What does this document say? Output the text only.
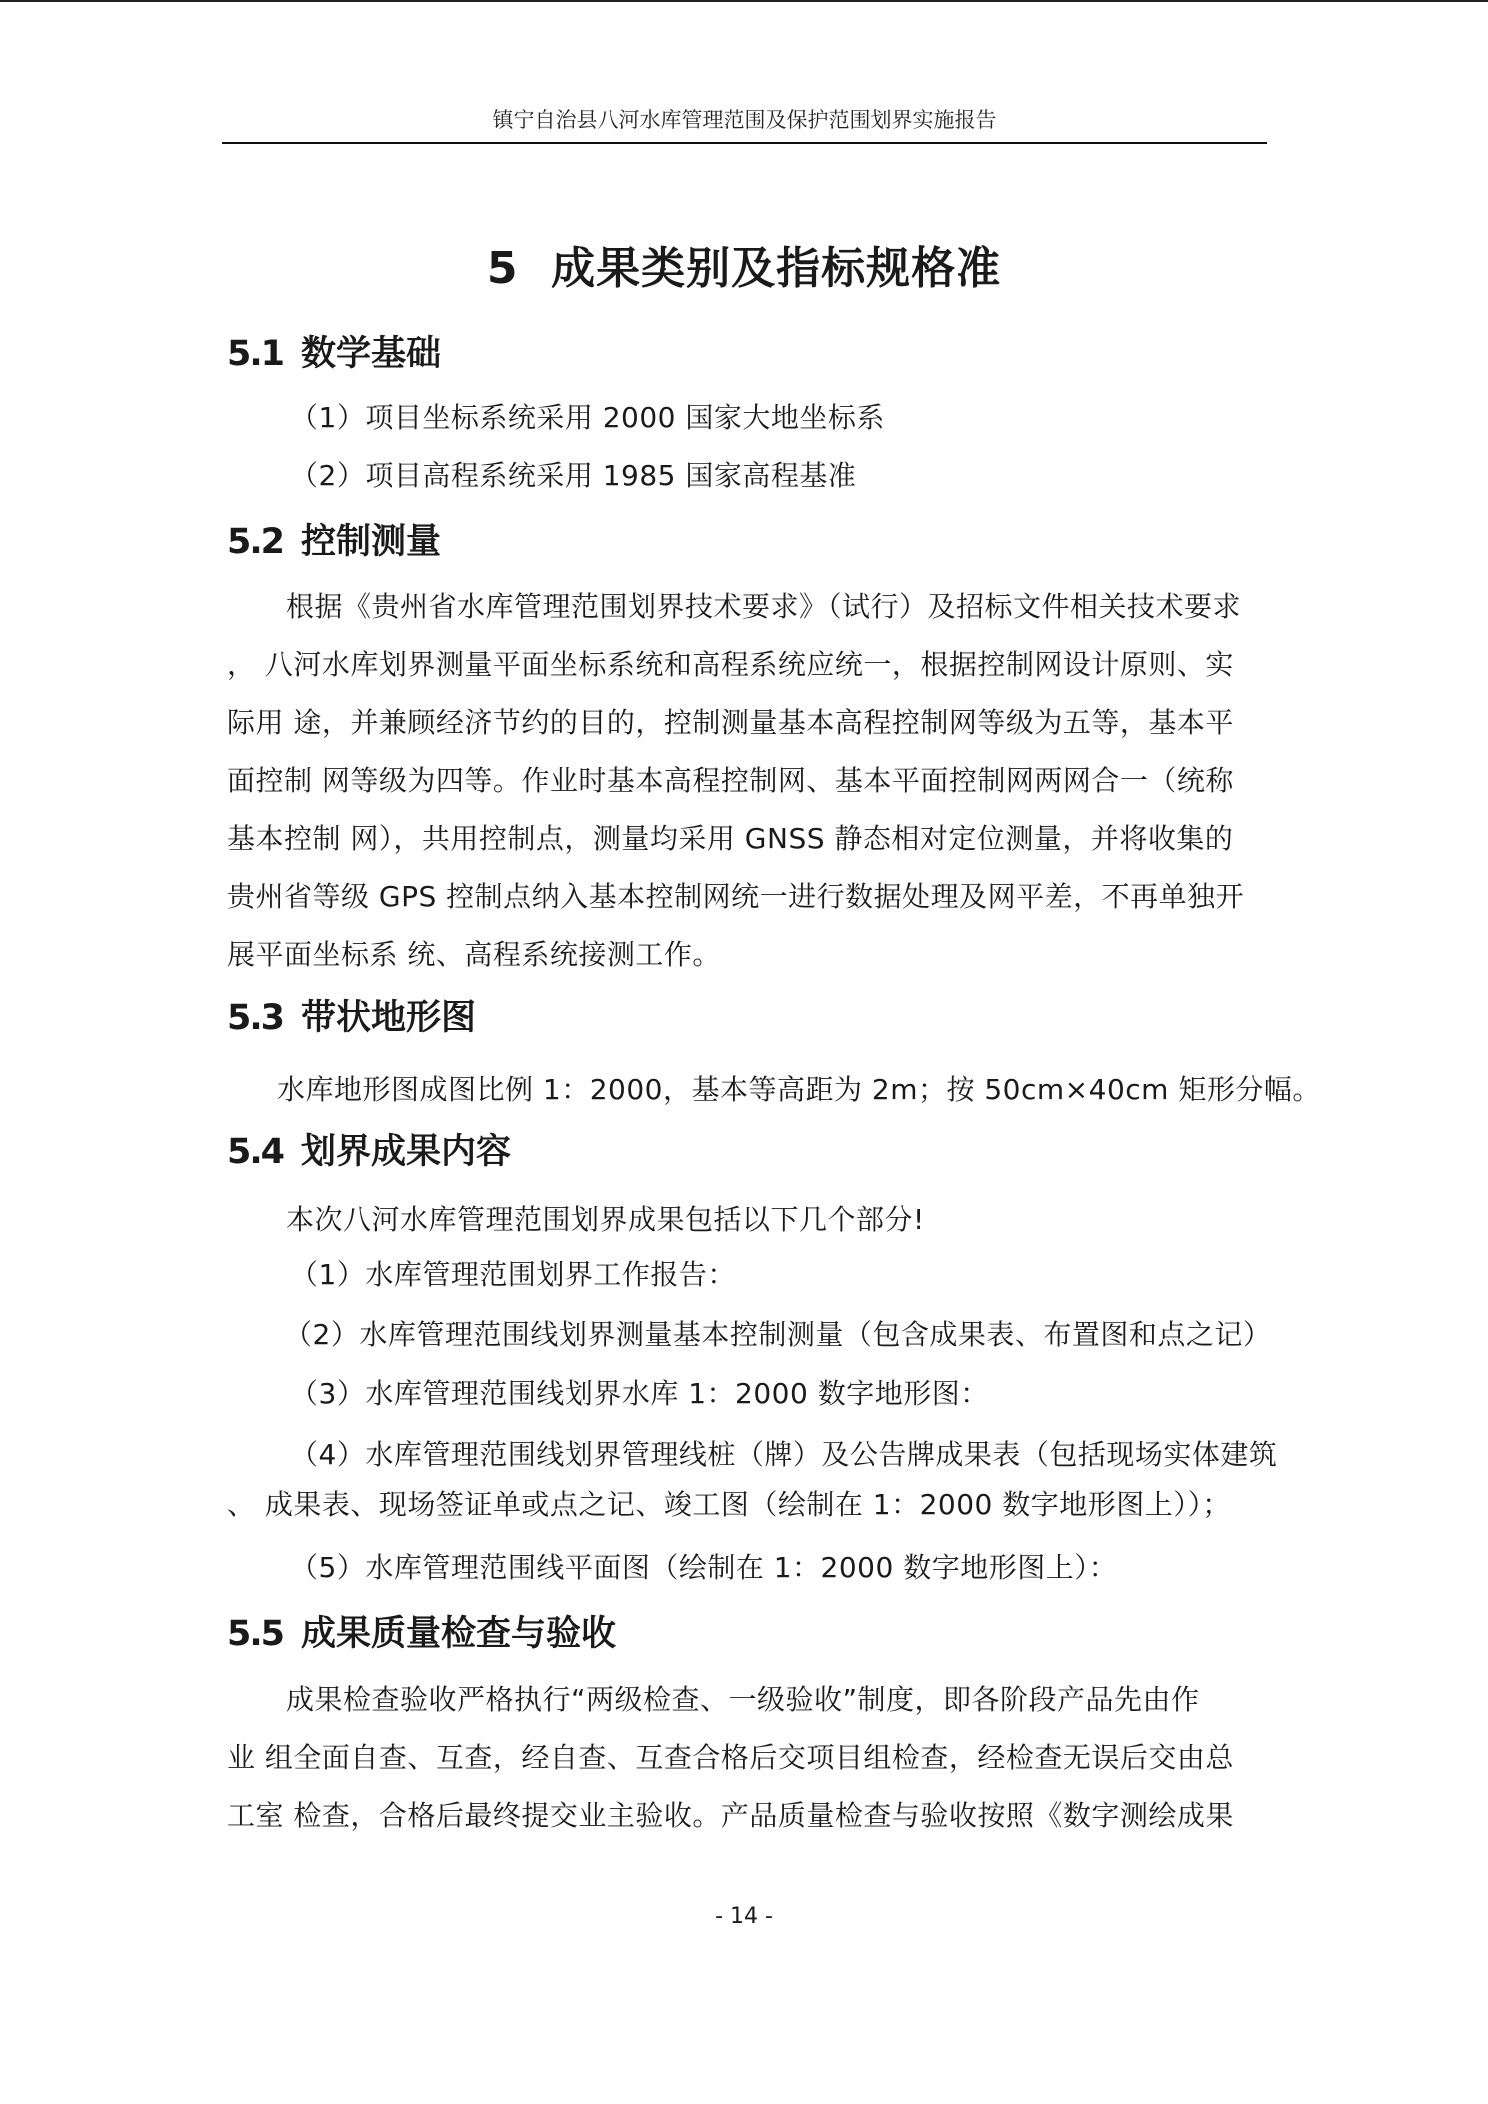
镇宁自治县八河水库管理范围及保护范围划界实施报告
5 成果类别及指标规格准
5.1 数学基础
（1）项目坐标系统采用 2000 国家大地坐标系
（2）项目高程系统采用 1985 国家高程基准
5.2 控制测量
根据《贵州省水库管理范围划界技术要求》（试行）及招标文件相关技术要求
， 八河水库划界测量平面坐标系统和高程系统应统一，根据控制网设计原则、实
际用 途，并兼顾经济节约的目的，控制测量基本高程控制网等级为五等，基本平
面控制 网等级为四等。作业时基本高程控制网、基本平面控制网两网合一（统称
基本控制 网），共用控制点，测量均采用 GNSS 静态相对定位测量，并将收集的
贵州省等级 GPS 控制点纳入基本控制网统一进行数据处理及网平差，不再单独开
展平面坐标系 统、高程系统接测工作。
5.3 带状地形图
水库地形图成图比例 1：2000，基本等高距为 2m；按 50cm×40cm 矩形分幅。
5.4 划界成果内容
本次八河水库管理范围划界成果包括以下几个部分!
（1）水库管理范围划界工作报告：
（2）水库管理范围线划界测量基本控制测量（包含成果表、布置图和点之记）
（3）水库管理范围线划界水库 1：2000 数字地形图：
（4）水库管理范围线划界管理线桩（牌）及公告牌成果表（包括现场实体建筑
、 成果表、现场签证单或点之记、竣工图（绘制在 1：2000 数字地形图上））；
（5）水库管理范围线平面图（绘制在 1：2000 数字地形图上）：
5.5 成果质量检查与验收
成果检查验收严格执行“两级检查、一级验收”制度，即各阶段产品先由作
业 组全面自查、互查，经自查、互查合格后交项目组检查，经检查无误后交由总
工室 检查，合格后最终提交业主验收。产品质量检查与验收按照《数字测绘成果
- 14 -
